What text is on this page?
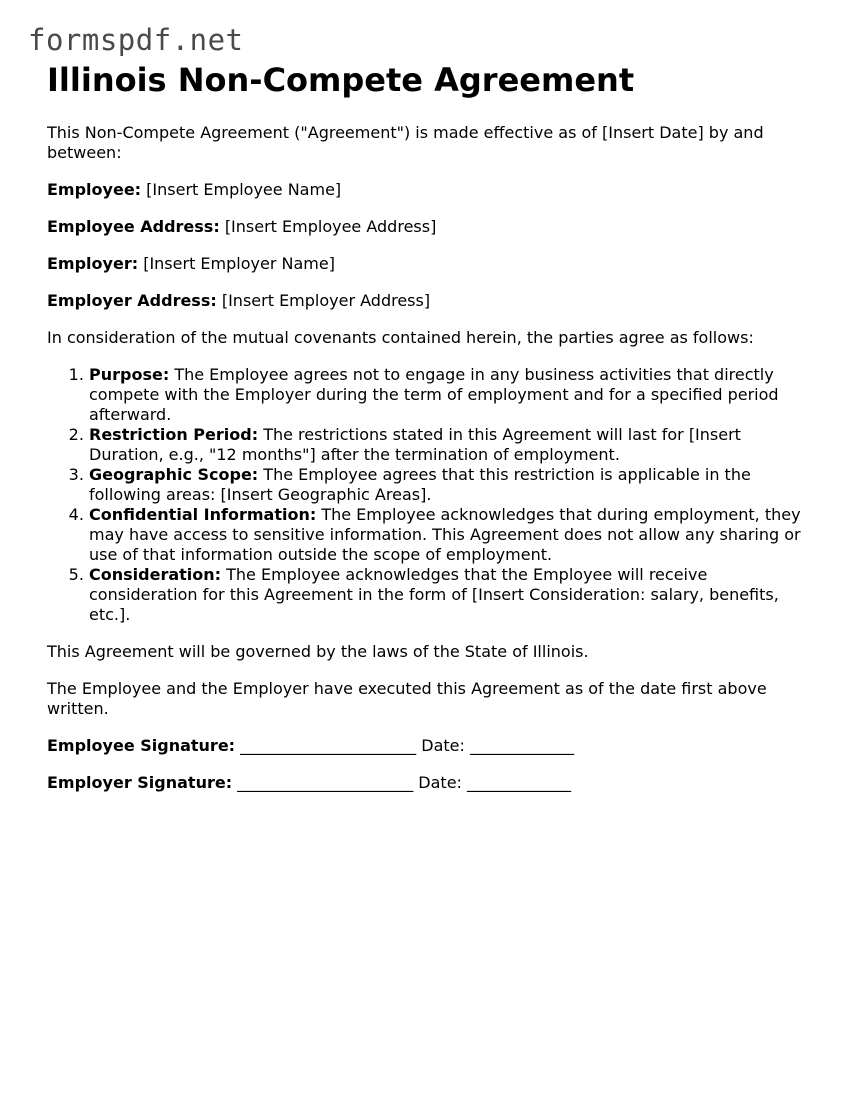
formspdf.net
Illinois Non-Compete Agreement

This Non-Compete Agreement ("Agreement") is made effective as of [Insert Date] by and between:

Employee: [Insert Employee Name]

Employee Address: [Insert Employee Address]

Employer: [Insert Employer Name]

Employer Address: [Insert Employer Address]

In consideration of the mutual covenants contained herein, the parties agree as follows:

1. Purpose: The Employee agrees not to engage in any business activities that directly compete with the Employer during the term of employment and for a specified period afterward.
2. Restriction Period: The restrictions stated in this Agreement will last for [Insert Duration, e.g., "12 months"] after the termination of employment.
3. Geographic Scope: The Employee agrees that this restriction is applicable in the following areas: [Insert Geographic Areas].
4. Confidential Information: The Employee acknowledges that during employment, they may have access to sensitive information. This Agreement does not allow any sharing or use of that information outside the scope of employment.
5. Consideration: The Employee acknowledges that the Employee will receive consideration for this Agreement in the form of [Insert Consideration: salary, benefits, etc.].

This Agreement will be governed by the laws of the State of Illinois.

The Employee and the Employer have executed this Agreement as of the date first above written.

Employee Signature: ______________________ Date: _____________

Employer Signature: ______________________ Date: _____________
